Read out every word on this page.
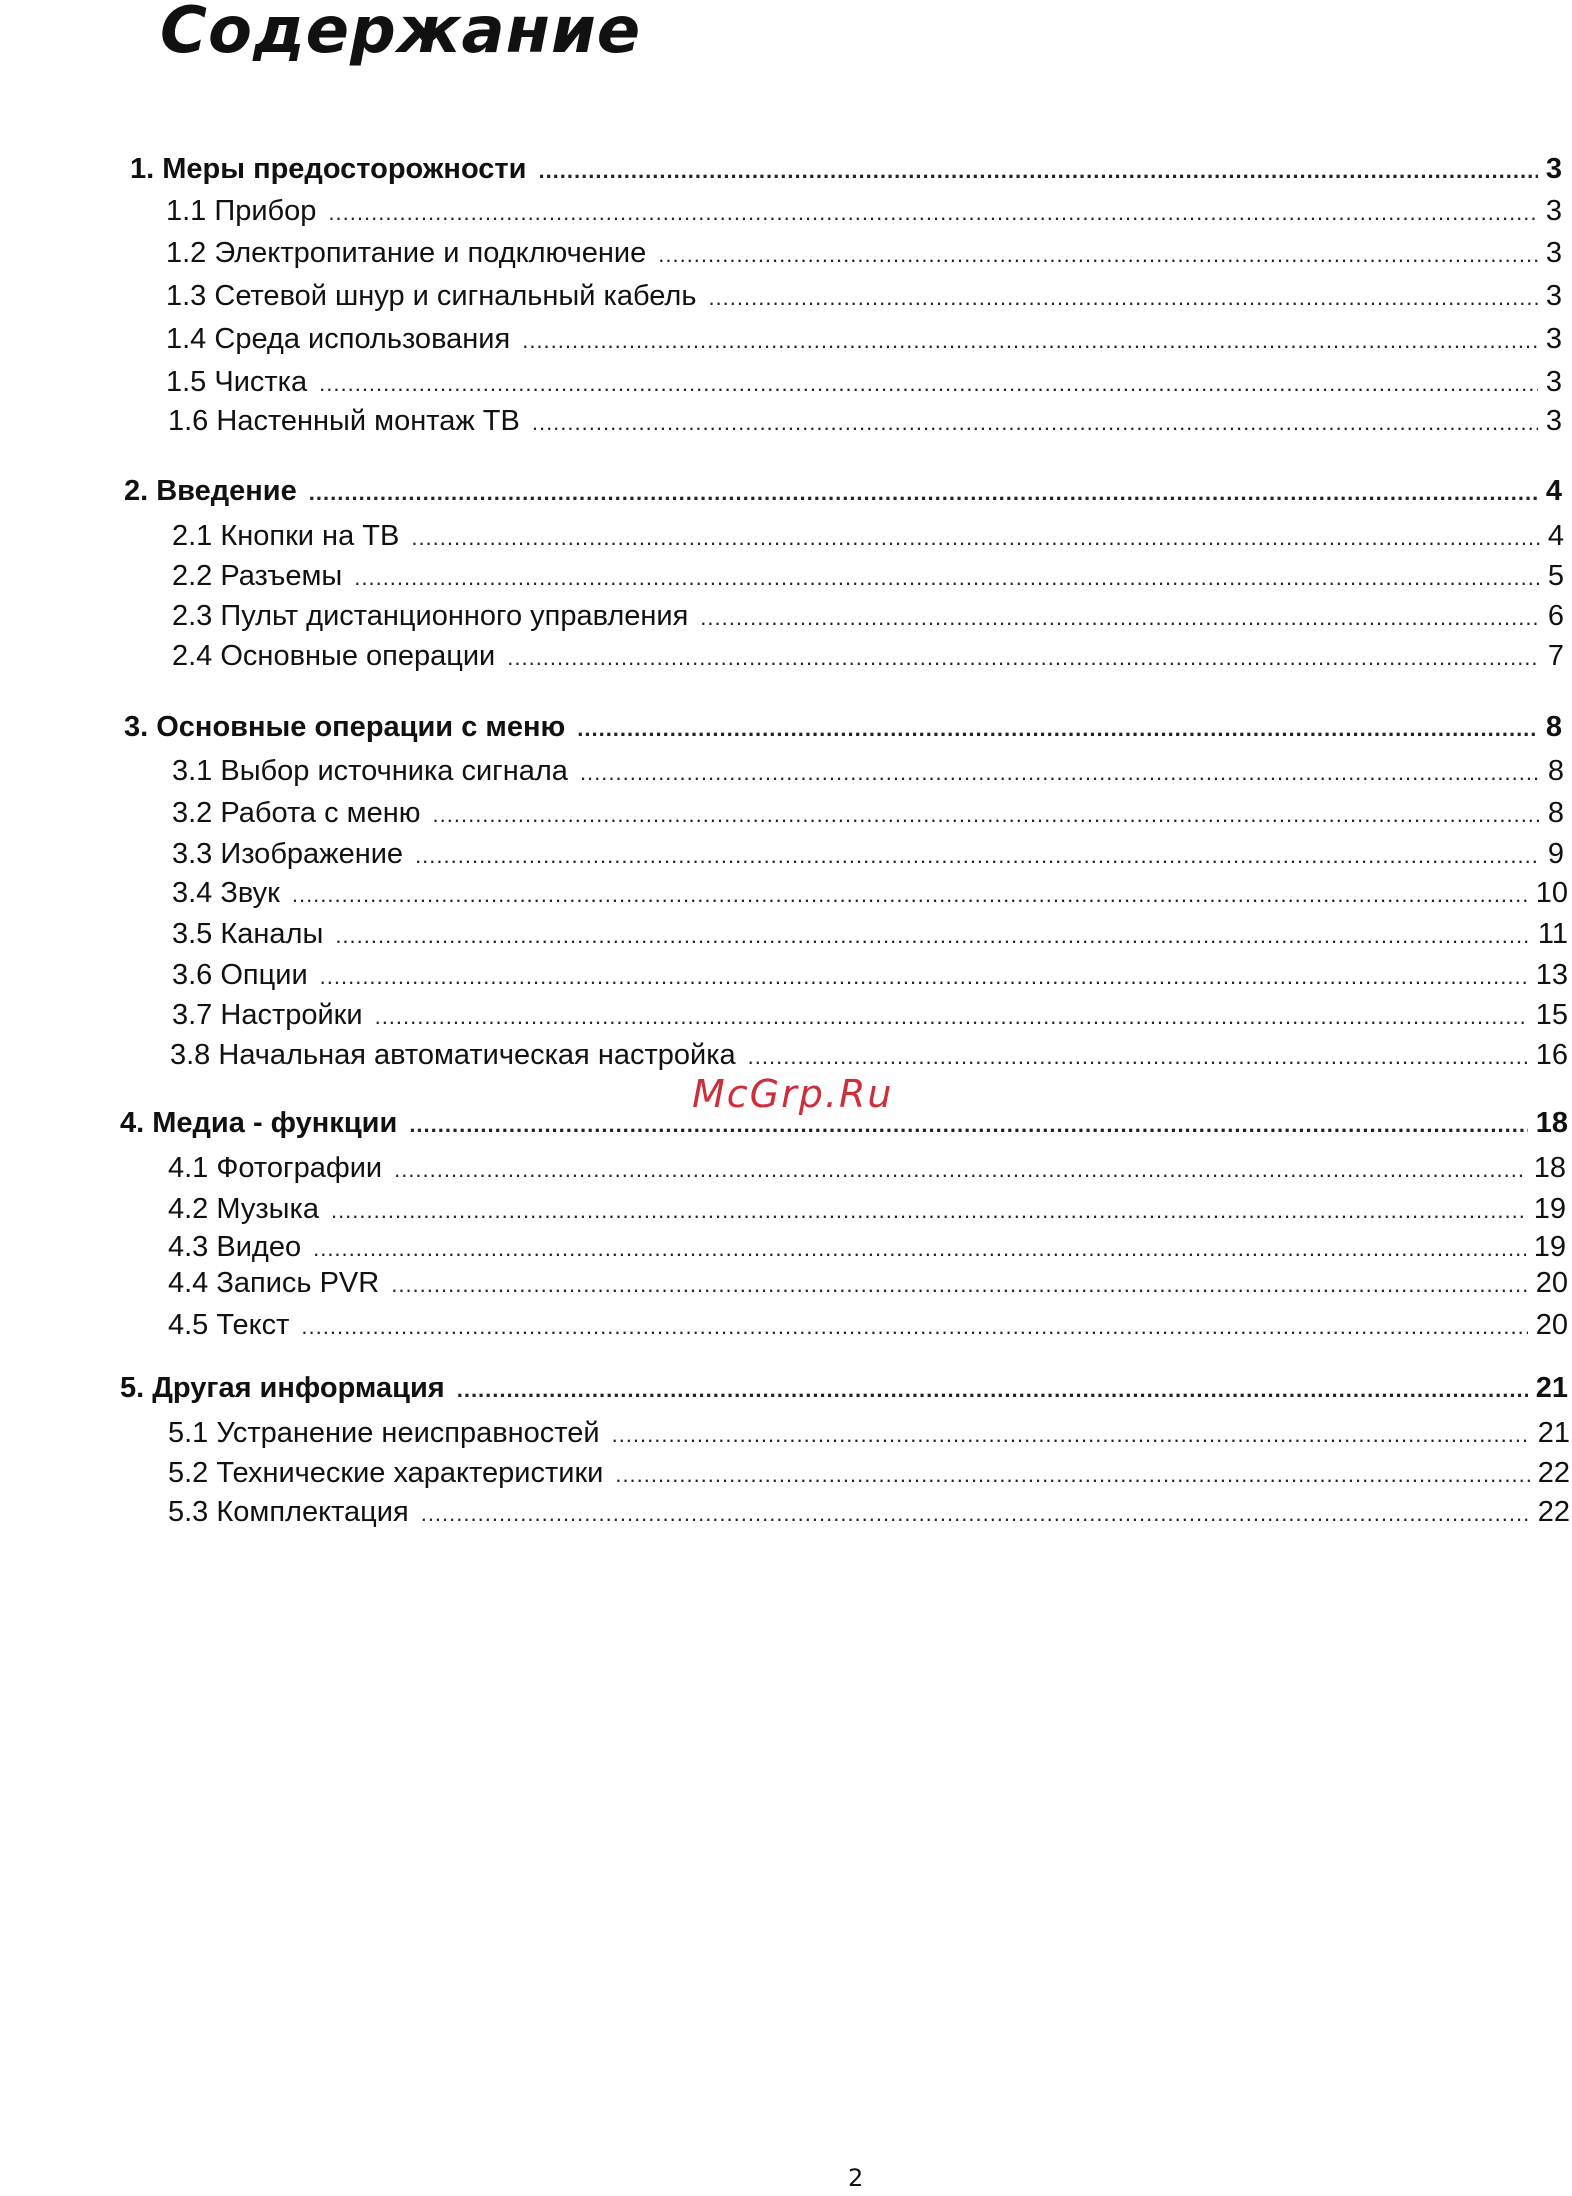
Содержание
1. Меры предосторожности .....	3
1.1 Прибор .....	3
1.2 Электропитание и подключение .....	3
1.3 Сетевой шнур и сигнальный кабель .....	3
1.4 Среда использования .....	3
1.5 Чистка .....	3
1.6 Настенный монтаж ТВ .....	3
2. Введение .....	4
2.1 Кнопки на ТВ .....	4
2.2 Разъемы .....	5
2.3 Пульт дистанционного управления .....	6
2.4 Основные операции .....	7
3. Основные операции с меню .....	8
3.1 Выбор источника сигнала .....	8
3.2 Работа с меню .....	8
3.3 Изображение .....	9
3.4 Звук .....	10
3.5 Каналы .....	11
3.6 Опции .....	13
3.7 Настройки .....	15
3.8 Начальная автоматическая настройка .....	16
4. Медиа - функции .....	18
4.1 Фотографии .....	18
4.2 Музыка .....	19
4.3 Видео .....	19
4.4 Запись PVR .....	20
4.5 Текст .....	20
5. Другая информация .....	21
5.1 Устранение неисправностей .....	21
5.2 Технические характеристики .....	22
5.3 Комплектация .....	22
McGrp.Ru
2
